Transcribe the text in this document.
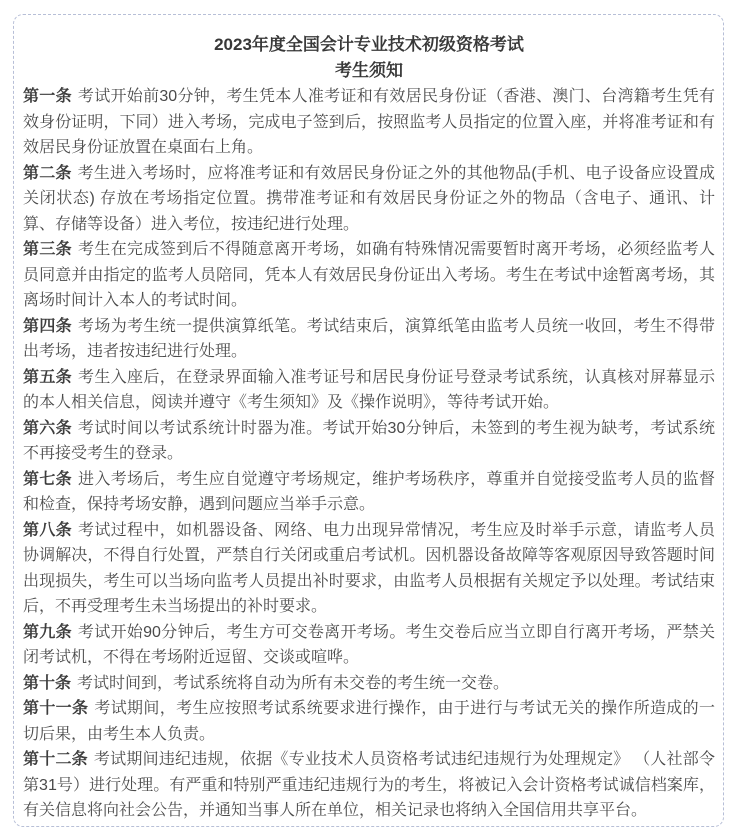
2023年度全国会计专业技术初级资格考试
考生须知

第一条 考试开始前30分钟，考生凭本人准考证和有效居民身份证（香港、澳门、台湾籍考生凭有效身份证明，下同）进入考场，完成电子签到后，按照监考人员指定的位置入座，并将准考证和有效居民身份证放置在桌面右上角。

第二条 考生进入考场时，应将准考证和有效居民身份证之外的其他物品(手机、电子设备应设置成关闭状态) 存放在考场指定位置。携带准考证和有效居民身份证之外的物品（含电子、通讯、计算、存储等设备）进入考位，按违纪进行处理。

第三条 考生在完成签到后不得随意离开考场，如确有特殊情况需要暂时离开考场，必须经监考人员同意并由指定的监考人员陪同，凭本人有效居民身份证出入考场。考生在考试中途暂离考场，其离场时间计入本人的考试时间。

第四条 考场为考生统一提供演算纸笔。考试结束后，演算纸笔由监考人员统一收回，考生不得带出考场，违者按违纪进行处理。

第五条 考生入座后，在登录界面输入准考证号和居民身份证号登录考试系统，认真核对屏幕显示的本人相关信息，阅读并遵守《考生须知》及《操作说明》，等待考试开始。

第六条 考试时间以考试系统计时器为准。考试开始30分钟后，未签到的考生视为缺考，考试系统不再接受考生的登录。

第七条 进入考场后，考生应自觉遵守考场规定，维护考场秩序，尊重并自觉接受监考人员的监督和检查，保持考场安静，遇到问题应当举手示意。

第八条 考试过程中，如机器设备、网络、电力出现异常情况，考生应及时举手示意，请监考人员协调解决，不得自行处置，严禁自行关闭或重启考试机。因机器设备故障等客观原因导致答题时间出现损失，考生可以当场向监考人员提出补时要求，由监考人员根据有关规定予以处理。考试结束后，不再受理考生未当场提出的补时要求。

第九条 考试开始90分钟后，考生方可交卷离开考场。考生交卷后应当立即自行离开考场，严禁关闭考试机，不得在考场附近逗留、交谈或喧哗。

第十条 考试时间到，考试系统将自动为所有未交卷的考生统一交卷。

第十一条 考试期间，考生应按照考试系统要求进行操作，由于进行与考试无关的操作所造成的一切后果，由考生本人负责。

第十二条 考试期间违纪违规，依据《专业技术人员资格考试违纪违规行为处理规定》 （人社部令第31号）进行处理。有严重和特别严重违纪违规行为的考生，将被记入会计资格考试诚信档案库，有关信息将向社会公告，并通知当事人所在单位，相关记录也将纳入全国信用共享平台。
